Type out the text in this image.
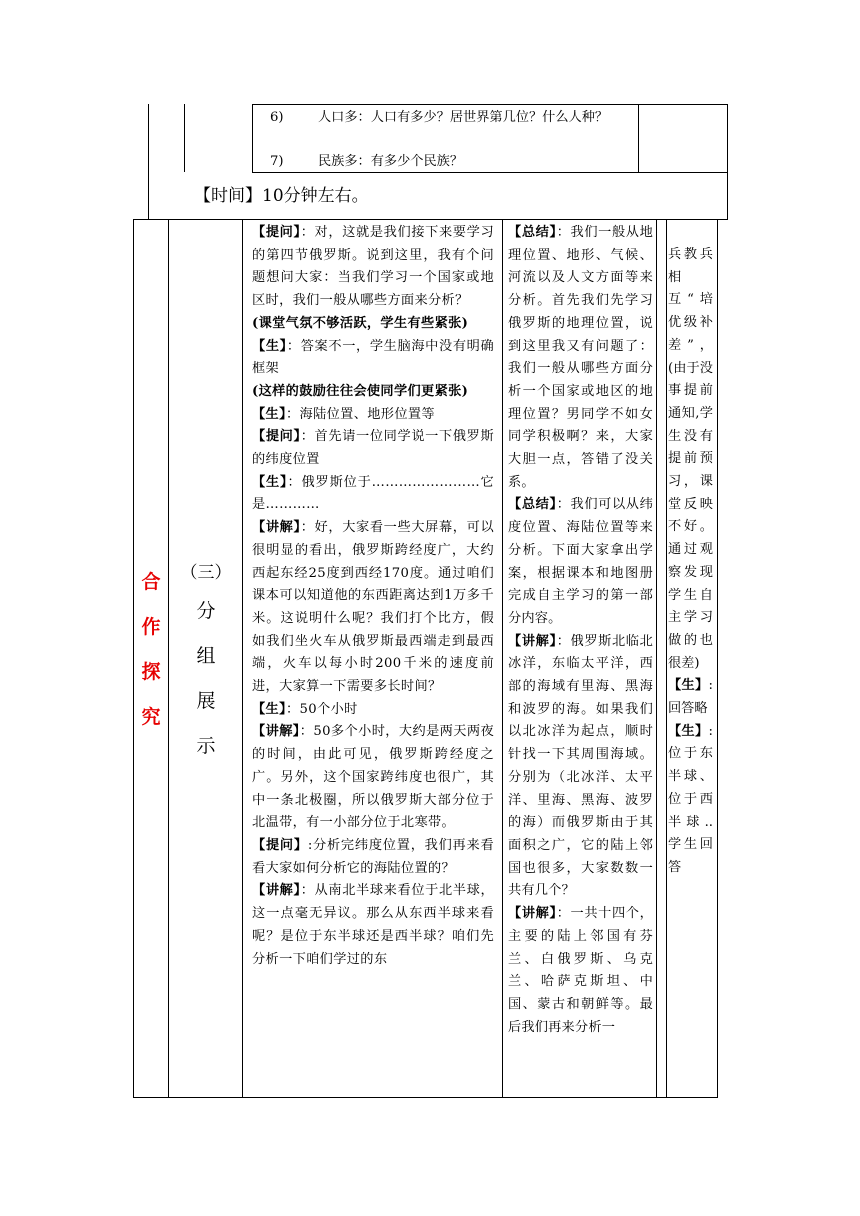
6)	人口多：人口有多少？居世界第几位？什么人种？
7)	民族多：有多少个民族？
【时间】10分钟左右。
合
作
探
究
（三）
分
组
展
示

【提问】：对，这就是我们接下来要学习的第四节俄罗斯。说到这里，我有个问题想问大家：当我们学习一个国家或地区时，我们一般从哪些方面来分析？

(课堂气氛不够活跃，学生有些紧张)

【生】：答案不一，学生脑海中没有明确框架

(这样的鼓励往往会使同学们更紧张)

【生】：海陆位置、地形位置等

【提问】：首先请一位同学说一下俄罗斯的纬度位置

【生】：俄罗斯位于……………………它是…………

【讲解】：好，大家看一些大屏幕，可以很明显的看出，俄罗斯跨经度广，大约西起东经25度到西经170度。通过咱们课本可以知道他的东西距离达到1万多千米。这说明什么呢？我们打个比方，假如我们坐火车从俄罗斯最西端走到最西端，火车以每小时200千米的速度前进，大家算一下需要多长时间？

【生】：50个小时

【讲解】：50多个小时，大约是两天两夜的时间，由此可见，俄罗斯跨经度之广。另外，这个国家跨纬度也很广，其中一条北极圈，所以俄罗斯大部分位于北温带，有一小部分位于北寒带。

【提问】:分析完纬度位置，我们再来看看大家如何分析它的海陆位置的？

【讲解】：从南北半球来看位于北半球，这一点毫无异议。那么从东西半球来看呢？是位于东半球还是西半球？咱们先分析一下咱们学过的东

【总结】：我们一般从地理位置、地形、气候、河流以及人文方面等来分析。首先我们先学习俄罗斯的地理位置，说到这里我又有问题了：我们一般从哪些方面分析一个国家或地区的地理位置？男同学不如女同学积极啊？来，大家大胆一点，答错了没关系。

【总结】：我们可以从纬度位置、海陆位置等来分析。下面大家拿出学案，根据课本和地图册完成自主学习的第一部分内容。

【讲解】：俄罗斯北临北冰洋，东临太平洋，西部的海域有里海、黑海和波罗的海。如果我们以北冰洋为起点，顺时针找一下其周围海域。分别为（北冰洋、太平洋、里海、黑海、波罗的海）而俄罗斯由于其面积之广，它的陆上邻国也很多，大家数数一共有几个？

【讲解】：一共十四个，主要的陆上邻国有芬兰、白俄罗斯、乌克兰、哈萨克斯坦、中国、蒙古和朝鲜等。最后我们再来分析一

兵教兵相互“培优级补差”，(由于没事提前通知,学生没有提前预习，课堂反映不好。通过观察发现学生自主学习做的也很差)

【生】:回答略

【生】:位于东半球、位于西半球..学生回答
